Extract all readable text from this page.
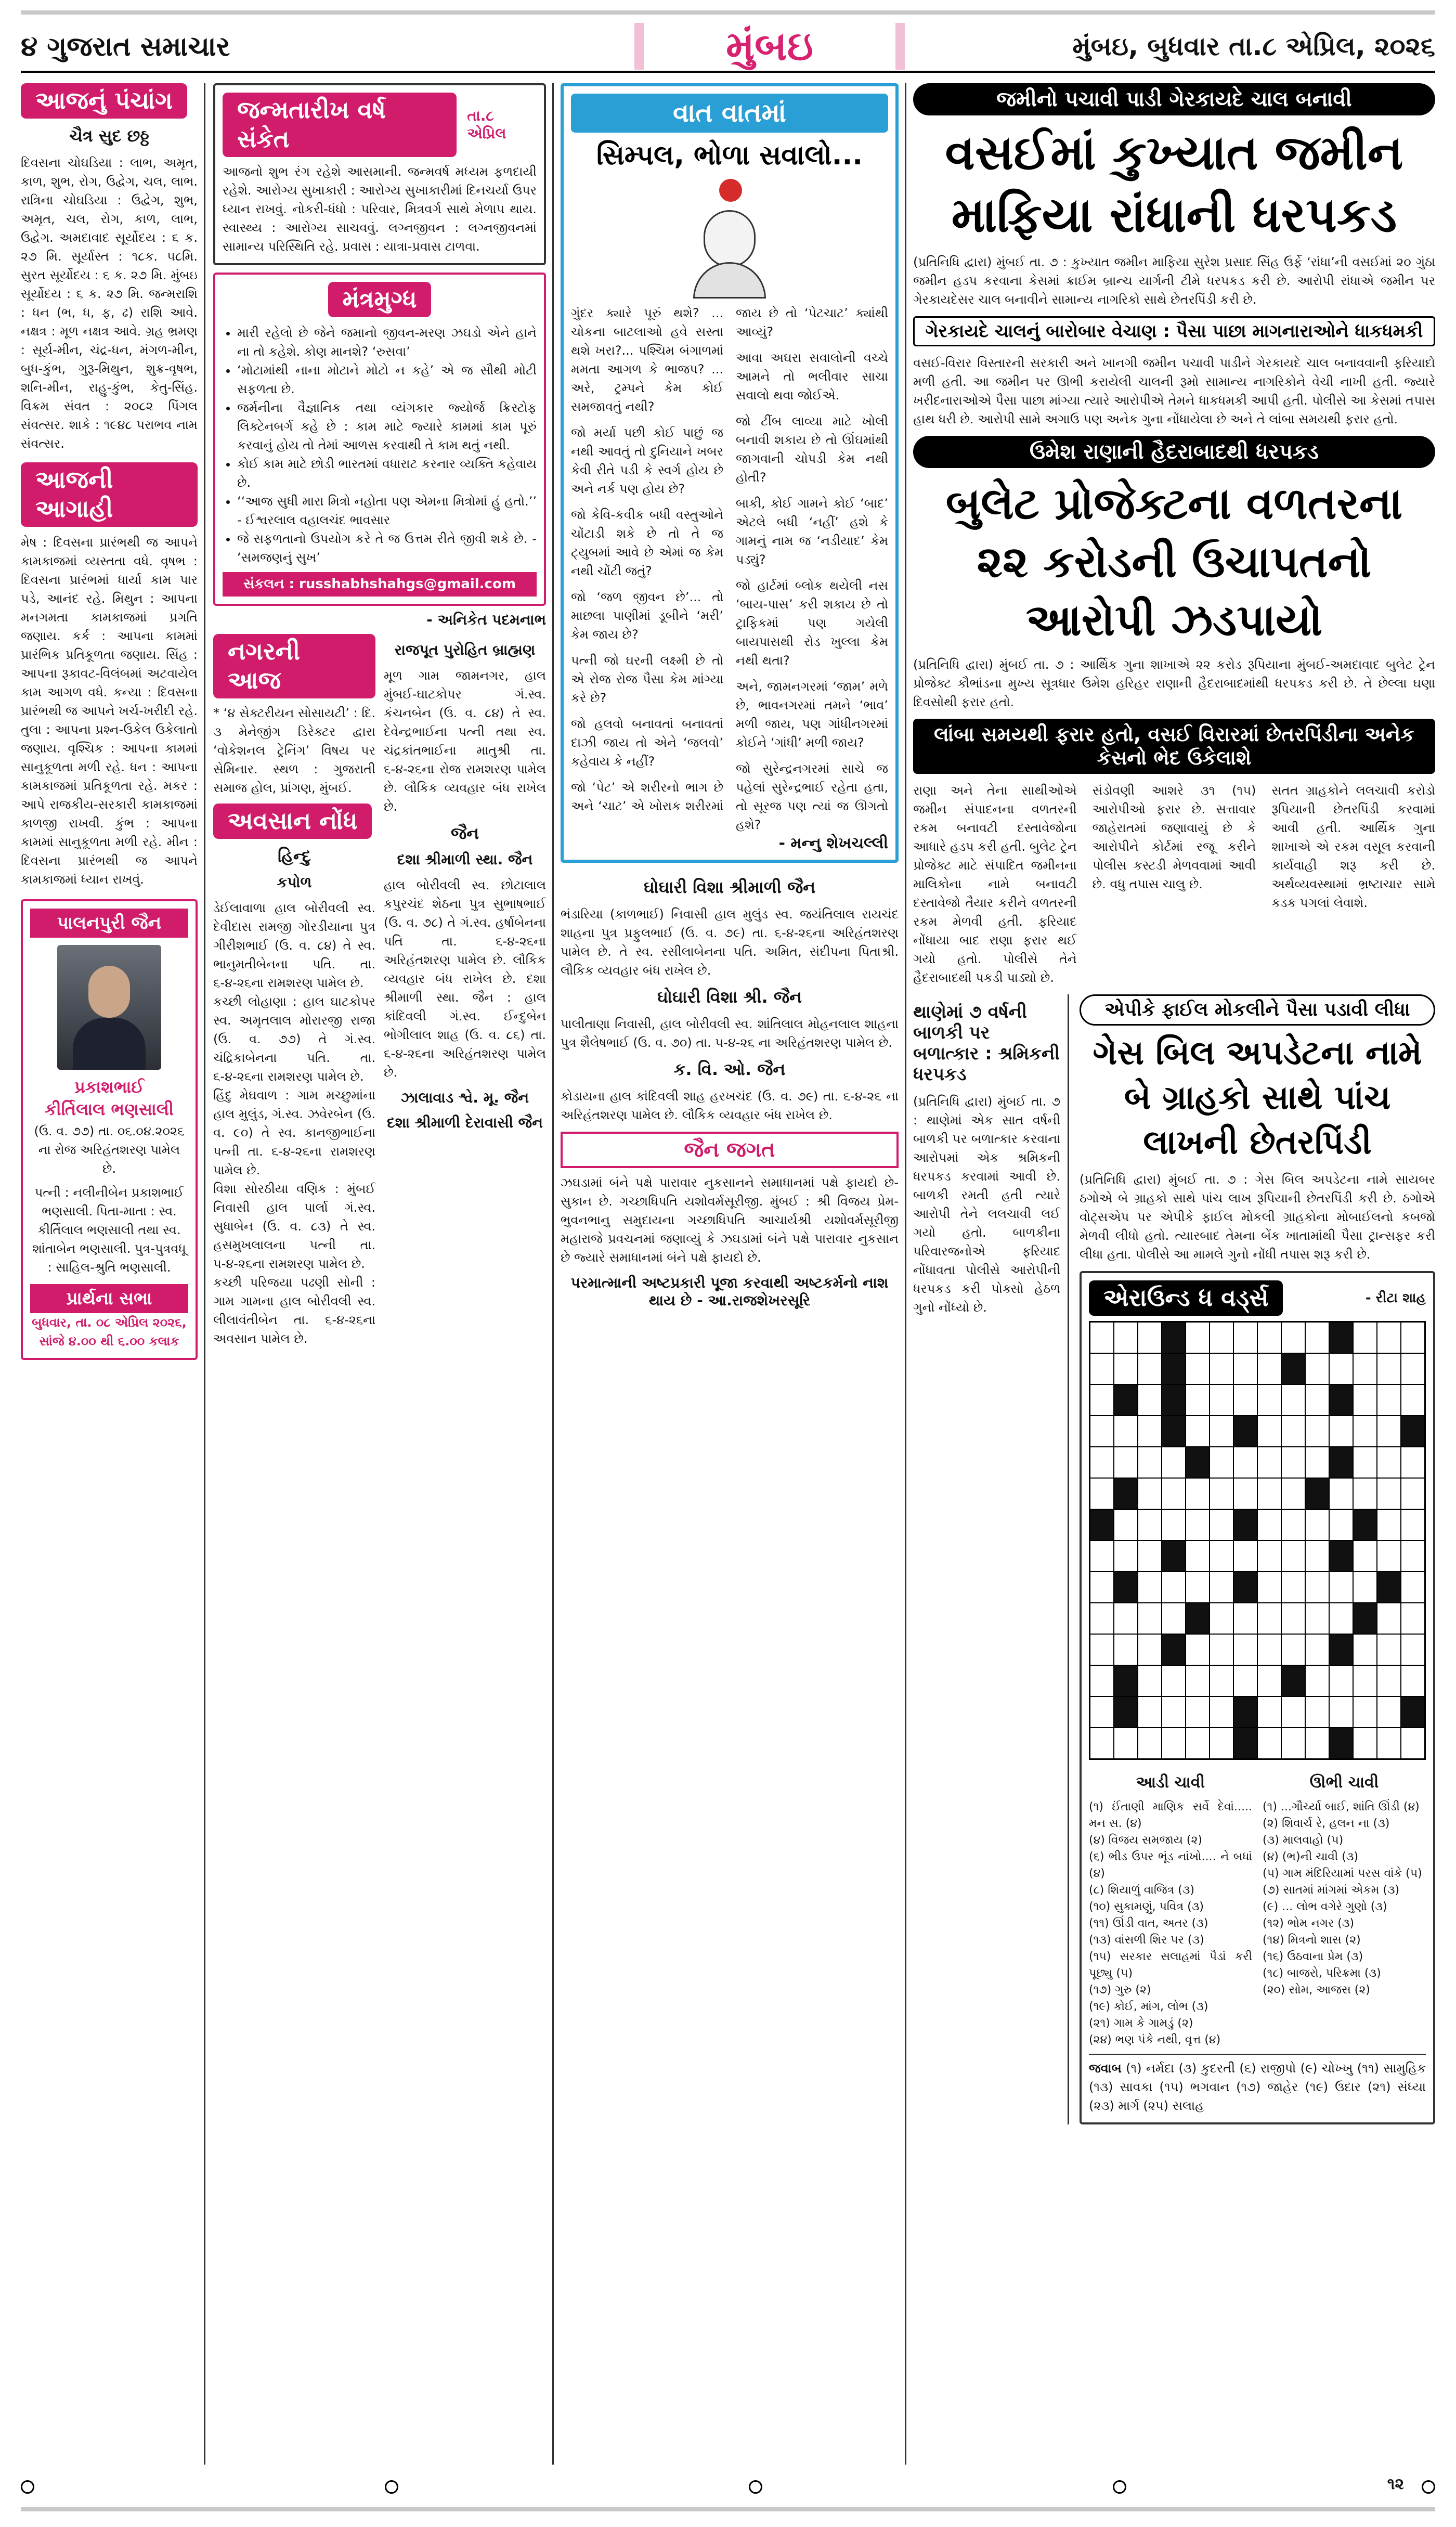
૪ ગુજરાત સમાચાર	મુંબઇ	મુંબઇ, બુધવાર તા.૮ એપ્રિલ, ૨૦૨૬
આજનું પંચાંગ
ચૈત્ર સુદ છઠ્ઠ
દિવસના ચોઘડિયા : લાભ, અમૃત, કાળ, શુભ, રોગ, ઉદ્વેગ, ચલ, લાભ. રાત્રિના ચોઘડિયા : ઉદ્વેગ, શુભ, અમૃત, ચલ, રોગ, કાળ, લાભ, ઉદ્વેગ. અમદાવાદ સૂર્યોદય : ૬ ક. ૨૭ મિ. સૂર્યાસ્ત : ૧૮ક. ૫૮મિ. સુરત સૂર્યોદય : ૬ ક. ૨૭ મિ. મુંબઇ સૂર્યોદય : ૬ ક. ૨૭ મિ. જન્મરાશિ : ધન (ભ, ધ, ફ, ઢ) રાશિ આવે. નક્ષત્ર : મૂળ નક્ષત્ર આવે. ગ્રહ ભ્રમણ : સૂર્ય-મીન, ચંદ્ર-ધન, મંગળ-મીન, બુધ-કુંભ, ગુરૂ-મિથુન, શુક્ર-વૃષભ, શનિ-મીન, રાહુ-કુંભ, કેતુ-સિંહ. વિક્રમ સંવત : ૨૦૮૨ પિંગલ સંવત્સર. શાકે : ૧૯૪૮ પરાભવ નામ સંવત્સર.
આજની આગાહી
મેષ : દિવસના પ્રારંભથી જ આપને કામકાજમાં વ્યસ્તતા વધે. વૃષભ : દિવસના પ્રારંભમાં ધાર્યા કામ પાર પડે, આનંદ રહે. મિથુન : આપના મનગમતા કામકાજમાં પ્રગતિ જણાય. કર્ક : આપના કામમાં પ્રારંભિક પ્રતિકૂળતા જણાય. સિંહ : આપના રૂકાવટ-વિલંબમાં અટવાયેલ કામ આગળ વધે. કન્યા : દિવસના પ્રારંભથી જ આપને ખર્ચ-ખરીદી રહે. તુલા : આપના પ્રશ્ન-ઉકેલ ઉકેલાતો જણાય. વૃશ્ચિક : આપના કામમાં સાનુકૂળતા મળી રહે. ધન : આપના કામકાજમાં પ્રતિકૂળતા રહે. મકર : આપે રાજકીય-સરકારી કામકાજમાં કાળજી રાખવી. કુંભ : આપના કામમાં સાનુકૂળતા મળી રહે. મીન : દિવસના પ્રારંભથી જ આપને કામકાજમાં ધ્યાન રાખવું.
પાલનપુરી જૈન
પ્રકાશભાઈ
કીર્તિલાલ ભણસાલી
(ઉ. વ. ૭૭) તા. ૦૬.૦૪.૨૦૨૬ ના રોજ અરિહંતશરણ પામેલ છે.
પત્ની : નલીનીબેન પ્રકાશભાઈ ભણસાલી. પિતા-માતા : સ્વ. કીર્તિલાલ ભણસાલી તથા સ્વ. શાંતાબેન ભણસાલી. પુત્ર-પુત્રવધૂ : સાહિલ-શ્રુતિ ભણસાલી.
પ્રાર્થના સભા
બુધવાર, તા. ૦૮ એપ્રિલ ૨૦૨૬, સાંજે ૪.૦૦ થી ૬.૦૦ કલાક
જન્મતારીખ વર્ષ સંકેત
તા.૮ એપ્રિલ
આજનો શુભ રંગ રહેશે આસમાની. જન્મવર્ષ મધ્યમ ફળદાયી રહેશે. આરોગ્ય સુખાકારી : આરોગ્ય સુખાકારીમાં દિનચર્યા ઉપર ધ્યાન રાખવું. નોકરી-ધંધો : પરિવાર, મિત્રવર્ગ સાથે મેળાપ થાય. સ્વાસ્થ્ય : આરોગ્ય સાચવવું. લગ્નજીવન : લગ્નજીવનમાં સામાન્ય પરિસ્થિતિ રહે. પ્રવાસ : યાત્રા-પ્રવાસ ટાળવા.
મંત્રમુગ્ધ
• મારી રહેલો છે જેને જમાનો જીવન-મરણ ઝઘડો એને હાને ના તો કહેશે. કોણ માનશે? ‘રુસવા’
• ‘મોટામાંથી નાના મોટાને મોટો ન કહે’ એ જ સૌથી મોટી સફળતા છે.
• જર્મનીના વૈજ્ઞાનિક તથા વ્યંગકાર જ્યોર્જ ક્રિસ્ટોફ લિક્ટેનબર્ગ કહે છે : કામ માટે જ્યારે કામમાં કામ પૂરું કરવાનું હોય તો તેમાં આળસ કરવાથી તે કામ થતું નથી.
• કોઈ કામ માટે છોડી ભારતમાં વધારાટ કરનાર વ્યક્તિ કહેવાય છે.
• ‘‘આજ સુધી મારા મિત્રો નહોતા પણ એમના મિત્રોમાં હું હતો.’’ - ઈશ્વરલાલ વહાલચંદ ભાવસાર
• જે સફળતાનો ઉપયોગ કરે તે જ ઉત્તમ રીતે જીવી શકે છે. - ‘સમજણનું સુખ’
સંકલન : russhabhshahgs@gmail.com
- અનિકેત પદમનાભ
નગરની આજ
* ‘૪ સેક્ટરીયન સોસાયટી’ : દિ. ૩ મેનેજીંગ ડિરેક્ટર દ્વારા ‘વોકેશનલ ટ્રેનિંગ’ વિષય પર સેમિનાર. સ્થળ : ગુજરાતી સમાજ હોલ, પ્રાંગણ, મુંબઈ.
અવસાન નોંધ
હિન્દુ
કપોળ
ડેઈલાવાળા હાલ બોરીવલી સ્વ. દેવીદાસ રામજી ગોરડીયાના પુત્ર ગીરીશભાઈ (ઉ. વ. ૮૪) તે સ્વ. ભાનુમતીબેનના પતિ. તા. ૬-૪-૨૬ના રામશરણ પામેલ છે.
કચ્છી લોહાણા : હાલ ઘાટકોપર સ્વ. અમૃતલાલ મોરારજી રાજા (ઉ. વ. ૭૭) તે ગં.સ્વ. ચંદ્રિકાબેનના પતિ. તા. ૬-૪-૨૬ના રામશરણ પામેલ છે.
હિંદુ મેઘવાળ : ગામ મચ્છુમાંના હાલ મુલુંડ, ગં.સ્વ. ઝવેરબેન (ઉ. વ. ૯૦) તે સ્વ. કાનજીભાઈના પત્ની તા. ૬-૪-૨૬ના રામશરણ પામેલ છે.
વિશા સોરઠીયા વણિક : મુંબઈ નિવાસી હાલ પાર્લા ગં.સ્વ. સુધાબેન (ઉ. વ. ૮૩) તે સ્વ. હસમુખલાલના પત્ની તા. ૫-૪-૨૬ના રામશરણ પામેલ છે.
કચ્છી પરિજયા પઢણી સોની : ગામ ગામના હાલ બોરીવલી સ્વ. લીલાવંતીબેન તા. ૬-૪-૨૬ના અવસાન પામેલ છે.
રાજપૂત પુરોહિત બ્રાહ્મણ
મૂળ ગામ જામનગર, હાલ મુંબઈ-ઘાટકોપર ગં.સ્વ. કંચનબેન (ઉ. વ. ૮૪) તે સ્વ. દેવેન્દ્રભાઈના પત્ની તથા સ્વ. ચંદ્રકાંતભાઈના માતુશ્રી તા. ૬-૪-૨૬ના રોજ રામશરણ પામેલ છે. લૌકિક વ્યવહાર બંધ રાખેલ છે.
જૈન
દશા શ્રીમાળી સ્થા. જૈન
હાલ બોરીવલી સ્વ. છોટાલાલ કપુરચંદ શેઠના પુત્ર સુભાષભાઈ (ઉ. વ. ૭૮) તે ગં.સ્વ. હર્ષાબેનના પતિ તા. ૬-૪-૨૬ના અરિહંતશરણ પામેલ છે. લૌકિક વ્યવહાર બંધ રાખેલ છે. દશા શ્રીમાળી સ્થા. જૈન : હાલ કાંદિવલી ગં.સ્વ. ઈન્દુબેન ભોગીલાલ શાહ (ઉ. વ. ૮૬) તા. ૬-૪-૨૬ના અરિહંતશરણ પામેલ છે.
ઝાલાવાડ શ્વે. મૂ. જૈન
દશા શ્રીમાળી દેરાવાસી જૈન
વાત વાતમાં
સિમ્પલ, ભોળા સવાલો...

ગુંદર ક્યારે પૂરું થશે? ... ચોકના બાટલાઓ હવે સસ્તા થશે ખરા?... પશ્ચિમ બંગાળમાં મમતા આગળ કે ભાજપ? ... અરે, ટ્રમ્પને કેમ કોઈ સમજાવતું નથી?

જો મર્યા પછી કોઈ પાછું જ નથી આવતું તો દુનિયાને ખબર કેવી રીતે પડી કે સ્વર્ગ હોય છે અને નર્ક પણ હોય છે?

જો કેવિ-કવીક બધી વસ્તુઓને ચોંટાડી શકે છે તો તે જ ટ્યુબમાં આવે છે એમાં જ કેમ નથી ચોંટી જતું?

જો ‘જળ જીવન છે’... તો માછલા પાણીમાં ડૂબીને ‘મરી’ કેમ જાય છે?

પત્ની જો ઘરની લક્ષ્મી છે તો એ રોજ રોજ પૈસા કેમ માંગ્યા કરે છે?

જો હલવો બનાવતાં બનાવતાં દાઝી જાય તો એને ‘જલવો’ કહેવાય કે નહીં?

જો ‘પેટ’ એ શરીરનો ભાગ છે અને ‘ચાટ’ એ ખોરાક શરીરમાં જાય છે તો ‘પેટચાટ’ ક્યાંથી આવ્યું?

આવા અઘરા સવાલોની વચ્ચે આમને તો ભલીવાર સાચા સવાલો થવા જોઈએ.

જો ટીંબ લાવ્યા માટે ખોલી બનાવી શકાય છે તો ઊંઘમાંથી જાગવાની ચોપડી કેમ નથી હોતી?

બાકી, કોઈ ગામને કોઈ ‘બાદ’ એટલે બધી ‘નહીં’ હશે કે ગામનું નામ જ ‘નડીયાદ’ કેમ પડ્યું?

જો હાર્ટમાં બ્લોક થયેલી નસ ‘બાય-પાસ’ કરી શકાય છે તો ટ્રાફિકમાં પણ ગયેલી બાયપાસથી રોડ ખુલ્લા કેમ નથી થતા?

અને, જામનગરમાં ‘જામ’ મળે છે, ભાવનગરમાં તમને ‘ભાવ’ મળી જાય, પણ ગાંધીનગરમાં કોઈને ‘ગાંધી’ મળી જાય?

જો સુરેન્દ્રનગરમાં સાચે જ પહેલાં સુરેન્દ્રભાઈ રહેતા હતા, તો સૂરજ પણ ત્યાં જ ઊગતો હશે?

- મન્નુ શેખચલ્લી
ઘોઘારી વિશા શ્રીમાળી જૈન
ભંડારિયા (કાળભાઈ) નિવાસી હાલ મુલુંડ સ્વ. જયંતિલાલ રાયચંદ શાહના પુત્ર પ્રફુલભાઈ (ઉ. વ. ૭૯) તા. ૬-૪-૨૬ના અરિહંતશરણ પામેલ છે. તે સ્વ. રસીલાબેનના પતિ. અમિત, સંદીપના પિતાશ્રી. લૌકિક વ્યવહાર બંધ રાખેલ છે.
ઘોઘારી વિશા શ્રી. જૈન
પાલીતાણા નિવાસી, હાલ બોરીવલી સ્વ. શાંતિલાલ મોહનલાલ શાહના પુત્ર શૈલેષભાઈ (ઉ. વ. ૭૦) તા. ૫-૪-૨૬ ના અરિહંતશરણ પામેલ છે.
ક. વિ. ઓ. જૈન
કોડાયના હાલ કાંદિવલી શાહ હરખચંદ (ઉ. વ. ૭૯) તા. ૬-૪-૨૬ ના અરિહંતશરણ પામેલ છે. લૌકિક વ્યવહાર બંધ રાખેલ છે.
જૈન જગત
ઝઘડામાં બંને પક્ષે પારાવાર નુકસાનને સમાધાનમાં પક્ષે ફાયદો છે-સુકાન છે. ગચ્છાધિપતિ યશોવર્મસૂરીજી. મુંબઈ : શ્રી વિજય પ્રેમ-ભુવનભાનુ સમુદાયના ગચ્છાધિપતિ આચાર્યશ્રી યશોવર્મસૂરીજી મહારાજે પ્રવચનમાં જણાવ્યું કે ઝઘડામાં બંને પક્ષે પારાવાર નુકસાન છે જ્યારે સમાધાનમાં બંને પક્ષે ફાયદો છે.
પરમાત્માની અષ્ટપ્રકારી પૂજા કરવાથી અષ્ટકર્મનો નાશ થાય છે - આ.રાજશેખરસૂરિ
જમીનો પચાવી પાડી ગેરકાયદે ચાલ બનાવી
વસઈમાં કુખ્યાત જમીન માફિયા રાંધાની ધરપકડ
(પ્રતિનિધિ દ્વારા) મુંબઈ તા. ૭ : કુખ્યાત જમીન માફિયા સુરેશ પ્રસાદ સિંહ ઉર્ફે ‘રાંધા’ની વસઈમાં ૨૦ ગુંઠા જમીન હડપ કરવાના કેસમાં ક્રાઈમ બ્રાન્ચ યાર્ગની ટીમે ધરપકડ કરી છે. આરોપી રાંધાએ જમીન પર ગેરકાયદેસર ચાલ બનાવીને સામાન્ય નાગરિકો સાથે છેતરપિંડી કરી છે.
ગેરકાયદે ચાલનું બારોબાર વેચાણ : પૈસા પાછા માગનારાઓને ધાકધમકી
વસઈ-વિરાર વિસ્તારની સરકારી અને ખાનગી જમીન પચાવી પાડીને ગેરકાયદે ચાલ બનાવવાની ફરિયાદો મળી હતી. આ જમીન પર ઊભી કરાયેલી ચાલની રૂમો સામાન્ય નાગરિકોને વેચી નાખી હતી. જ્યારે ખરીદનારાઓએ પૈસા પાછા માંગ્યા ત્યારે આરોપીએ તેમને ધાકધમકી આપી હતી. પોલીસે આ કેસમાં તપાસ હાથ ધરી છે. આરોપી સામે અગાઉ પણ અનેક ગુના નોંધાયેલા છે અને તે લાંબા સમયથી ફરાર હતો.
ઉમેશ રાણાની હૈદરાબાદથી ધરપકડ
બુલેટ પ્રોજેક્ટના વળતરના ૨૨ કરોડની ઉચાપતનો આરોપી ઝડપાયો
(પ્રતિનિધિ દ્વારા) મુંબઈ તા. ૭ : આર્થિક ગુના શાખાએ ૨૨ કરોડ રૂપિયાના મુંબઈ-અમદાવાદ બુલેટ ટ્રેન પ્રોજેક્ટ કૌભાંડના મુખ્ય સૂત્રધાર ઉમેશ હરિહર રાણાની હૈદરાબાદમાંથી ધરપકડ કરી છે. તે છેલ્લા ઘણા દિવસોથી ફરાર હતો.
લાંબા સમયથી ફરાર હતો, વસઈ વિરારમાં છેતરપિંડીના અનેક કેસનો ભેદ ઉકેલાશે
રાણા અને તેના સાથીઓએ જમીન સંપાદનના વળતરની રકમ બનાવટી દસ્તાવેજોના આધારે હડપ કરી હતી. બુલેટ ટ્રેન પ્રોજેક્ટ માટે સંપાદિત જમીનના માલિકોના નામે બનાવટી દસ્તાવેજો તૈયાર કરીને વળતરની રકમ મેળવી હતી. ફરિયાદ નોંધાયા બાદ રાણા ફરાર થઈ ગયો હતો. પોલીસે તેને હૈદરાબાદથી પકડી પાડ્યો છે.
સંડોવણી આશરે ૩૧ (૧૫) આરોપીઓ ફરાર છે. સત્તાવાર જાહેરાતમાં જણાવાયું છે કે આરોપીને કોર્ટમાં રજૂ કરીને પોલીસ કસ્ટડી મેળવવામાં આવી છે. વધુ તપાસ ચાલુ છે.
સતત ગ્રાહકોને લલચાવી કરોડો રૂપિયાની છેતરપિંડી કરવામાં આવી હતી. આર્થિક ગુના શાખાએ એ રકમ વસૂલ કરવાની કાર્યવાહી શરૂ કરી છે. અર્થવ્યવસ્થામાં ભ્રષ્ટાચાર સામે કડક પગલાં લેવાશે.
થાણેમાં ૭ વર્ષની બાળકી પર બળાત્કાર : શ્રમિકની ધરપકડ
(પ્રતિનિધિ દ્વારા) મુંબઈ તા. ૭ : થાણેમાં એક સાત વર્ષની બાળકી પર બળાત્કાર કરવાના આરોપમાં એક શ્રમિકની ધરપકડ કરવામાં આવી છે. બાળકી રમતી હતી ત્યારે આરોપી તેને લલચાવી લઈ ગયો હતો. બાળકીના પરિવારજનોએ ફરિયાદ નોંધાવતા પોલીસે આરોપીની ધરપકડ કરી પોક્સો હેઠળ ગુનો નોંધ્યો છે.
એપીકે ફાઈલ મોકલીને પૈસા પડાવી લીધા
ગેસ બિલ અપડેટના નામે બે ગ્રાહકો સાથે પાંચ લાખની છેતરપિંડી
(પ્રતિનિધિ દ્વારા) મુંબઈ તા. ૭ : ગેસ બિલ અપડેટના નામે સાયબર ઠગોએ બે ગ્રાહકો સાથે પાંચ લાખ રૂપિયાની છેતરપિંડી કરી છે. ઠગોએ વોટ્સએપ પર એપીકે ફાઈલ મોકલી ગ્રાહકોના મોબાઈલનો કબજો મેળવી લીધો હતો. ત્યારબાદ તેમના બેંક ખાતામાંથી પૈસા ટ્રાન્સફર કરી લીધા હતા. પોલીસે આ મામલે ગુનો નોંધી તપાસ શરૂ કરી છે.
એરાઉન્ડ ધ વર્ડ્સ	- રીટા શાહ
આડી ચાવી
(૧) ઈંતાણી માણિક સર્વે દેવાં..... મન સ. (૪)
(૪) વિજય સમજાય (૨)
(૬) ભીડ ઉપર ભૂંડ નાંખો.... ને બધાં (૪)
(૮) શિયાળું વાજિત્ર (૩)
(૧૦) સુકામણું, પવિત્ર (૩)
(૧૧) ઊંડી વાત, અતર (૩)
(૧૩) વાંસળી શિર પર (૩)
(૧૫) સરકાર સલાહમાં પૈડાં કરી પૂછ્યુ (૫)
(૧૭) ગુરુ (૨)
(૧૯) કોઈ, માંગ, લોભ (૩)
(૨૧) ગામ કે ગામડું (૨)
(૨૪) ભણ પંકે નથી, વૃત્ત (૪)
ઊભી ચાવી
(૧) ...ગૌર્ચ્યા બાઈ, શાંતિ ઊંડી (૪)
(૨) શિવાર્ચ રે, હલન ના (૩)
(૩) માલવાહો (૫)
(૪) (ભ)ની ચાવી (૩)
(૫) ગામ મંદિરિયામાં પરસ વાંકે (૫)
(૭) સાતમાં માંગમાં એકમ (૩)
(૯) ... લોભ વગેરે ગુણો (૩)
(૧૨) ભોમ નગર (૩)
(૧૪) મિત્રનો શાસ (૨)
(૧૬) ઉઠવાના પ્રેમ (૩)
(૧૮) બાજરો, પરિક્રમા (૩)
(૨૦) સોમ, આજસ (૨)
જવાબ (૧) નર્મદા (૩) કુદરતી (૬) રાજીપો (૯) ચોખ્ખુ (૧૧) સામુહિક (૧૩) સાવકા (૧૫) ભગવાન (૧૭) જાહેર (૧૯) ઉદાર (૨૧) સંધ્યા (૨૩) માર્ગ (૨૫) સલાહ
૧૨
